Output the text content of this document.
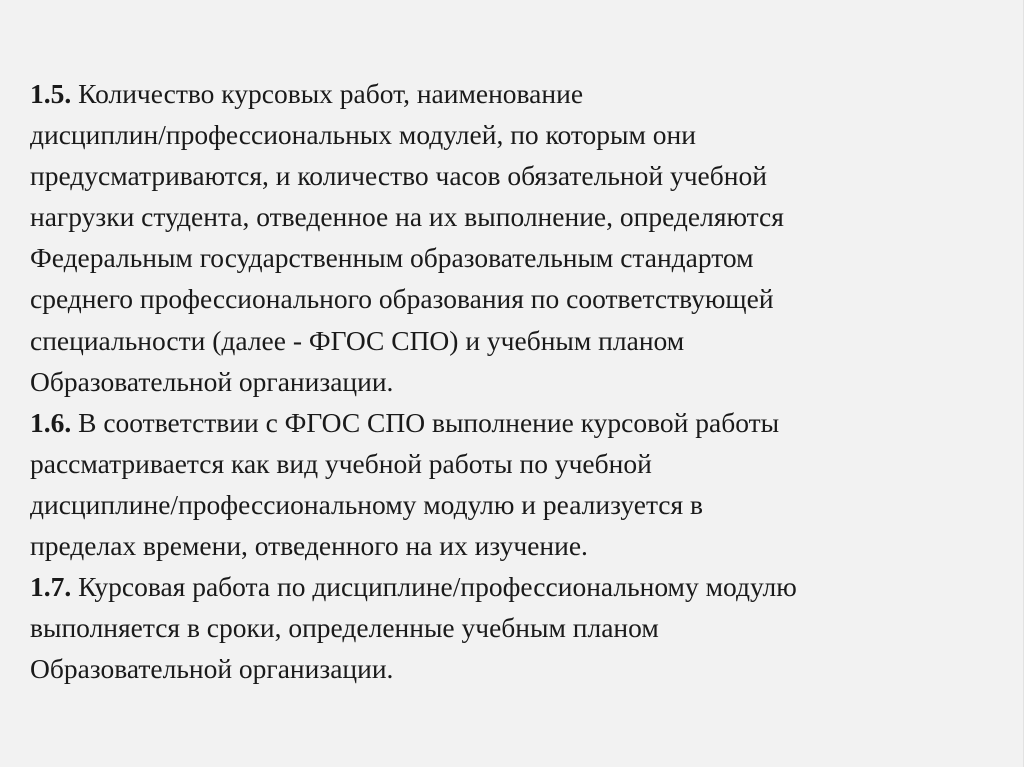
1.5. Количество курсовых работ, наименование
дисциплин/профессиональных модулей, по которым они
предусматриваются, и количество часов обязательной учебной
нагрузки студента, отведенное на их выполнение, определяются
Федеральным государственным образовательным стандартом
среднего профессионального образования по соответствующей
специальности (далее - ФГОС СПО) и учебным планом
Образовательной организации.
1.6. В соответствии с ФГОС СПО выполнение курсовой работы
рассматривается как вид учебной работы по учебной
дисциплине/профессиональному модулю и реализуется в
пределах времени, отведенного на их изучение.
1.7. Курсовая работа по дисциплине/профессиональному модулю
выполняется в сроки, определенные учебным планом
Образовательной организации.
